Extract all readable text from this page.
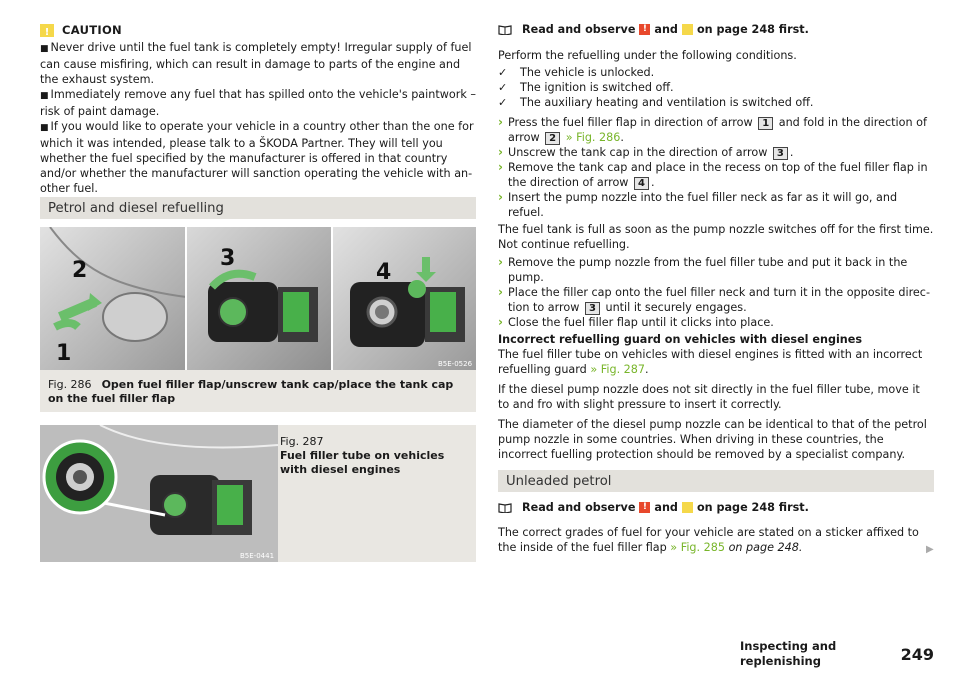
! CAUTION

■ Never drive until the fuel tank is completely empty! Irregular supply of fuel can cause misfiring, which can result in damage to parts of the engine and the exhaust system.

■ Immediately remove any fuel that has spilled onto the vehicle's paintwork – risk of paint damage.

■ If you would like to operate your vehicle in a country other than the one for which it was intended, please talk to a ŠKODA Partner. They will tell you whether the fuel specified by the manufacturer is offered in that country and/or whether the manufacturer will sanction operating the vehicle with an-other fuel.

Petrol and diesel refuelling
1
2	3
4
B5E-0526
Fig. 286 Open fuel filler flap/unscrew tank cap/place the tank cap on the fuel filler flap
B5E-0441
Fig. 287
Fuel filler tube on vehicles with diesel engines
Read and observe ! and on page 248 first.

Perform the refuelling under the following conditions.

✓	The vehicle is unlocked.
✓	The ignition is switched off.
✓	The auxiliary heating and ventilation is switched off.
› Press the fuel filler flap in direction of arrow 1 and fold in the direction of arrow 2 » Fig. 286.
› Unscrew the tank cap in the direction of arrow 3 .
› Remove the tank cap and place in the recess on top of the fuel filler flap in the direction of arrow 4 .
› Insert the pump nozzle into the fuel filler neck as far as it will go, and refuel.

The fuel tank is full as soon as the pump nozzle switches off for the first time. Not continue refuelling.

› Remove the pump nozzle from the fuel filler tube and put it back in the pump.
› Place the filler cap onto the fuel filler neck and turn it in the opposite direc-tion to arrow 3 until it securely engages.
› Close the fuel filler flap until it clicks into place.

Incorrect refuelling guard on vehicles with diesel engines

The fuel filler tube on vehicles with diesel engines is fitted with an incorrect refuelling guard » Fig. 287.

If the diesel pump nozzle does not sit directly in the fuel filler tube, move it to and fro with slight pressure to insert it correctly.

The diameter of the diesel pump nozzle can be identical to that of the petrol pump nozzle in some countries. When driving in these countries, the incorrect fuelling protection should be removed by a specialist company.

Unleaded petrol
Read and observe ! and on page 248 first.

The correct grades of fuel for your vehicle are stated on a sticker affixed to the inside of the fuel filler flap » Fig. 285 on page 248.	▶
Inspecting and replenishing	249
